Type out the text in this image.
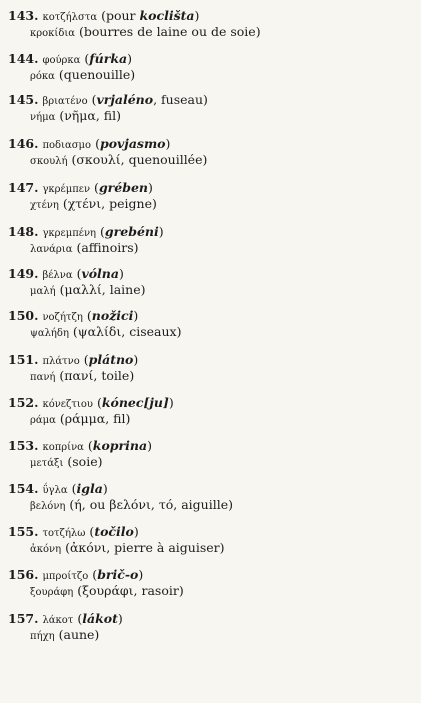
143. κοτζήλστα (pour koclišta)
κροκίδια (bourres de laine ou de soie)
144. φούρκα (fúrka)
ρόκα (quenouille)
145. βριατένο (vrjaléno, fuseau)
νήμα (νῆμα, fil)
146. ποδιασμο (povjasmo)
σκουλή (σκουλί, quenouillée)
147. γκρέμπεν (grében)
χτένη (χτένι, peigne)
148. γκρεμπένη (grebéni)
λανάρια (affinoirs)
149. βέλνα (vólna)
μαλή (μαλλί, laine)
150. νοζήτζη (nožici)
ψαλήδη (ψαλίδι, ciseaux)
151. πλάτνο (plátno)
πανή (πανί, toile)
152. κόνεζτιου (kónec[ju])
ράμα (ράμμα, fil)
153. κοπρίνα (koprina)
μετάξι (soie)
154. ΰγλα (igla)
βελόνη (ή, ou βελόνι, τό, aiguille)
155. τοτζήλω (točilo)
ἀκόνη (ἀκόνι, pierre à aiguiser)
156. μπροίτζο (brič-o)
ξουράφη (ξουράφι, rasoir)
157. λάκοτ (lákot)
πήχη (aune)
